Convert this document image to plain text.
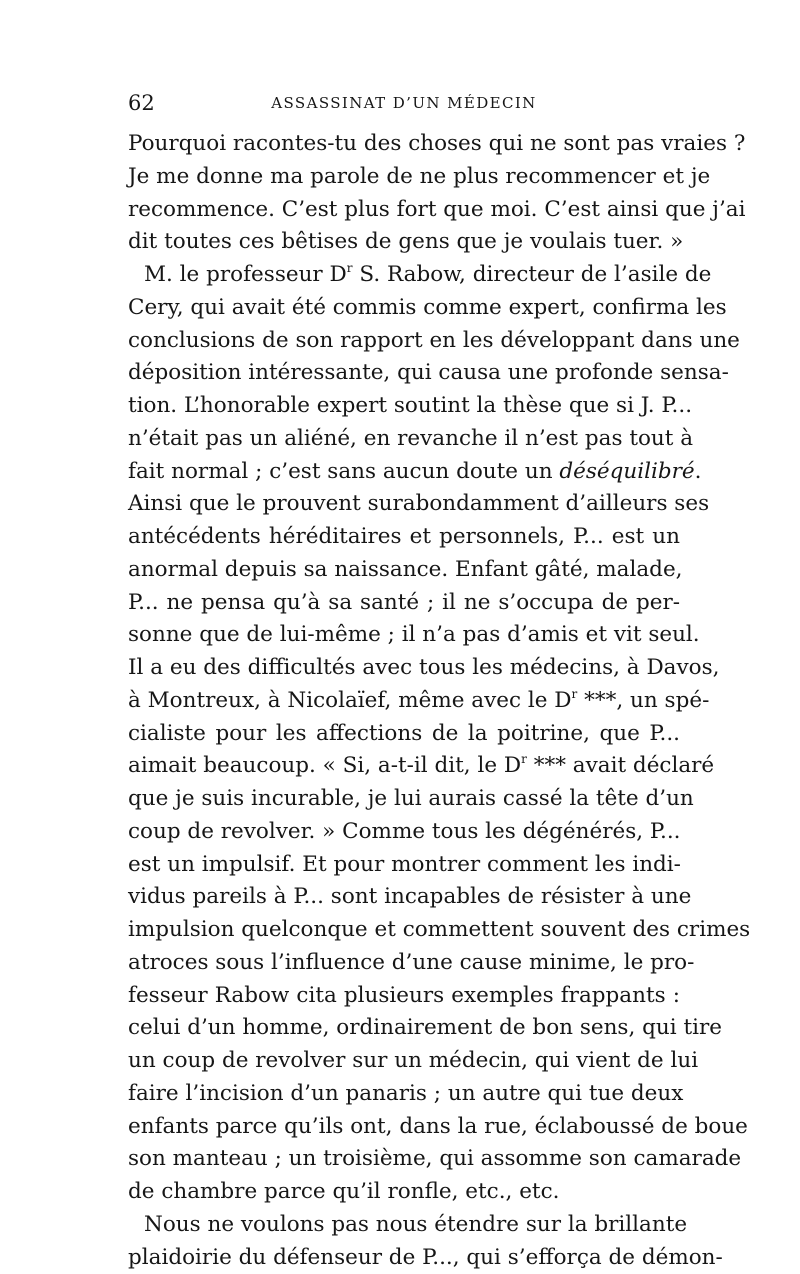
62	ASSASSINAT D’UN MÉDECIN
Pourquoi racontes-tu des choses qui ne sont pas vraies ?
Je me donne ma parole de ne plus recommencer et je
recommence. C’est plus fort que moi. C’est ainsi que j’ai
dit toutes ces bêtises de gens que je voulais tuer. »
M. le professeur $D^r$ S. Rabow, directeur de l’asile de
Cery, qui avait été commis comme expert, confirma les
conclusions de son rapport en les développant dans une
déposition intéressante, qui causa une profonde sensa-
tion. L’honorable expert soutint la thèse que si J. P...
n’était pas un aliéné, en revanche il n’est pas tout à
fait normal ; c’est sans aucun doute un déséquilibré.
Ainsi que le prouvent surabondamment d’ailleurs ses
antécédents héréditaires et personnels, P... est un
anormal depuis sa naissance. Enfant gâté, malade,
P... ne pensa qu’à sa santé ; il ne s’occupa de per-
sonne que de lui-même ; il n’a pas d’amis et vit seul.
Il a eu des difficultés avec tous les médecins, à Davos,
à Montreux, à Nicolaïef, même avec le $D^r$ ***, un spé-
cialiste pour les affections de la poitrine, que P...
aimait beaucoup. « Si, a-t-il dit, le $D^r$ *** avait déclaré
que je suis incurable, je lui aurais cassé la tête d’un
coup de revolver. » Comme tous les dégénérés, P...
est un impulsif. Et pour montrer comment les indi-
vidus pareils à P... sont incapables de résister à une
impulsion quelconque et commettent souvent des crimes
atroces sous l’influence d’une cause minime, le pro-
fesseur Rabow cita plusieurs exemples frappants :
celui d’un homme, ordinairement de bon sens, qui tire
un coup de revolver sur un médecin, qui vient de lui
faire l’incision d’un panaris ; un autre qui tue deux
enfants parce qu’ils ont, dans la rue, éclaboussé de boue
son manteau ; un troisième, qui assomme son camarade
de chambre parce qu’il ronfle, etc., etc.
Nous ne voulons pas nous étendre sur la brillante
plaidoirie du défenseur de P..., qui s’efforça de démon-
